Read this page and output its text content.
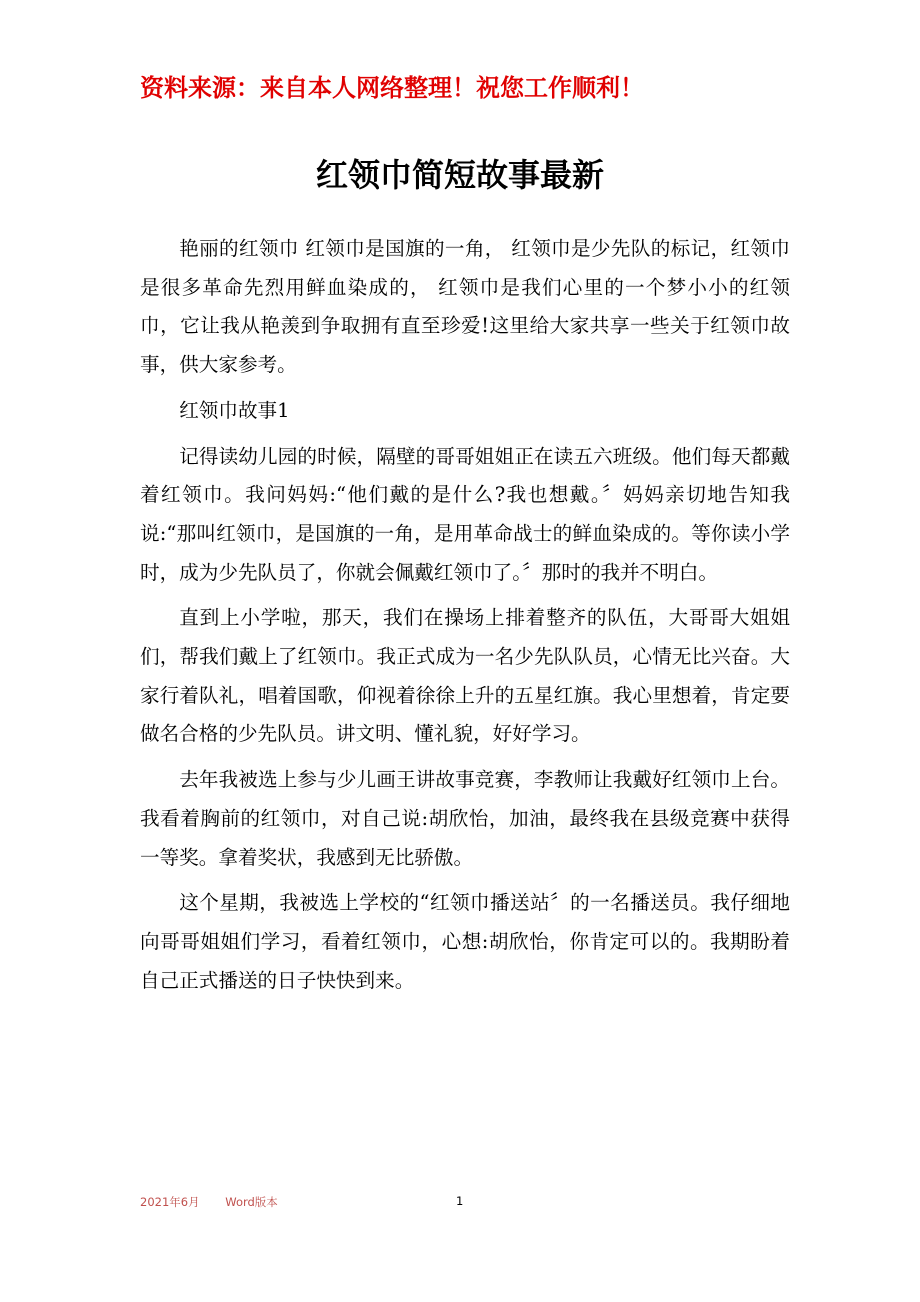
资料来源：来自本人网络整理！祝您工作顺利！
红领巾简短故事最新

艳丽的红领巾 红领巾是国旗的一角， 红领巾是少先队的标记，红领巾是很多革命先烈用鲜血染成的， 红领巾是我们心里的一个梦小小的红领巾，它让我从艳羡到争取拥有直至珍爱!这里给大家共享一些关于红领巾故事，供大家参考。

红领巾故事1

记得读幼儿园的时候，隔壁的哥哥姐姐正在读五六班级。他们每天都戴着红领巾。我问妈妈:“他们戴的是什么?我也想戴。〞妈妈亲切地告知我说:“那叫红领巾，是国旗的一角，是用革命战士的鲜血染成的。等你读小学时，成为少先队员了，你就会佩戴红领巾了。〞那时的我并不明白。

直到上小学啦，那天，我们在操场上排着整齐的队伍，大哥哥大姐姐们，帮我们戴上了红领巾。我正式成为一名少先队队员，心情无比兴奋。大家行着队礼，唱着国歌，仰视着徐徐上升的五星红旗。我心里想着，肯定要做名合格的少先队员。讲文明、懂礼貌，好好学习。

去年我被选上参与少儿画王讲故事竞赛，李教师让我戴好红领巾上台。我看着胸前的红领巾，对自己说:胡欣怡，加油，最终我在县级竞赛中获得一等奖。拿着奖状，我感到无比骄傲。

这个星期，我被选上学校的“红领巾播送站〞的一名播送员。我仔细地向哥哥姐姐们学习，看着红领巾，心想:胡欣怡，你肯定可以的。我期盼着自己正式播送的日子快快到来。

2021年6月 Word版本	1
